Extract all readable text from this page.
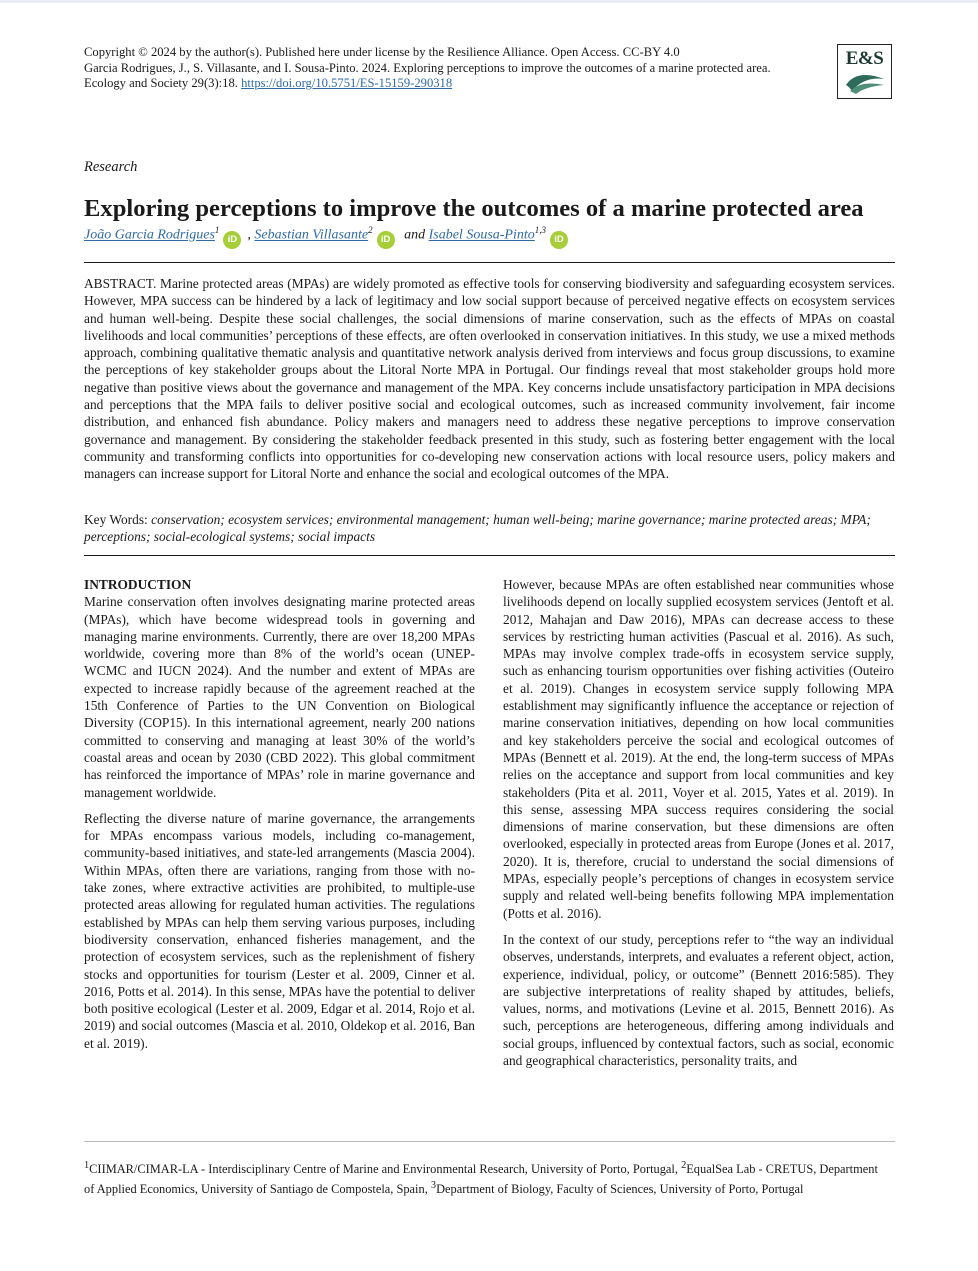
Copyright © 2024 by the author(s). Published here under license by the Resilience Alliance. Open Access. CC-BY 4.0
Garcia Rodrigues, J., S. Villasante, and I. Sousa-Pinto. 2024. Exploring perceptions to improve the outcomes of a marine protected area. Ecology and Society 29(3):18. https://doi.org/10.5751/ES-15159-290318
E&S
Research
Exploring perceptions to improve the outcomes of a marine protected area
João Garcia Rodrigues$^1$iD , Sebastian Villasante$^2$iD and Isabel Sousa-Pinto$^{1,3}$iD

ABSTRACT. Marine protected areas (MPAs) are widely promoted as effective tools for conserving biodiversity and safeguarding ecosystem services. However, MPA success can be hindered by a lack of legitimacy and low social support because of perceived negative effects on ecosystem services and human well-being. Despite these social challenges, the social dimensions of marine conservation, such as the effects of MPAs on coastal livelihoods and local communities’ perceptions of these effects, are often overlooked in conservation initiatives. In this study, we use a mixed methods approach, combining qualitative thematic analysis and quantitative network analysis derived from interviews and focus group discussions, to examine the perceptions of key stakeholder groups about the Litoral Norte MPA in Portugal. Our findings reveal that most stakeholder groups hold more negative than positive views about the governance and management of the MPA. Key concerns include unsatisfactory participation in MPA decisions and perceptions that the MPA fails to deliver positive social and ecological outcomes, such as increased community involvement, fair income distribution, and enhanced fish abundance. Policy makers and managers need to address these negative perceptions to improve conservation governance and management. By considering the stakeholder feedback presented in this study, such as fostering better engagement with the local community and transforming conflicts into opportunities for co-developing new conservation actions with local resource users, policy makers and managers can increase support for Litoral Norte and enhance the social and ecological outcomes of the MPA.

Key Words: conservation; ecosystem services; environmental management; human well-being; marine governance; marine protected areas; MPA; perceptions; social-ecological systems; social impacts

INTRODUCTION

Marine conservation often involves designating marine protected areas (MPAs), which have become widespread tools in governing and managing marine environments. Currently, there are over 18,200 MPAs worldwide, covering more than 8% of the world’s ocean (UNEP-WCMC and IUCN 2024). And the number and extent of MPAs are expected to increase rapidly because of the agreement reached at the 15th Conference of Parties to the UN Convention on Biological Diversity (COP15). In this international agreement, nearly 200 nations committed to conserving and managing at least 30% of the world’s coastal areas and ocean by 2030 (CBD 2022). This global commitment has reinforced the importance of MPAs’ role in marine governance and management worldwide.

Reflecting the diverse nature of marine governance, the arrangements for MPAs encompass various models, including co-management, community-based initiatives, and state-led arrangements (Mascia 2004). Within MPAs, often there are variations, ranging from those with no-take zones, where extractive activities are prohibited, to multiple-use protected areas allowing for regulated human activities. The regulations established by MPAs can help them serving various purposes, including biodiversity conservation, enhanced fisheries management, and the protection of ecosystem services, such as the replenishment of fishery stocks and opportunities for tourism (Lester et al. 2009, Cinner et al. 2016, Potts et al. 2014). In this sense, MPAs have the potential to deliver both positive ecological (Lester et al. 2009, Edgar et al. 2014, Rojo et al. 2019) and social outcomes (Mascia et al. 2010, Oldekop et al. 2016, Ban et al. 2019).

However, because MPAs are often established near communities whose livelihoods depend on locally supplied ecosystem services (Jentoft et al. 2012, Mahajan and Daw 2016), MPAs can decrease access to these services by restricting human activities (Pascual et al. 2016). As such, MPAs may involve complex trade-offs in ecosystem service supply, such as enhancing tourism opportunities over fishing activities (Outeiro et al. 2019). Changes in ecosystem service supply following MPA establishment may significantly influence the acceptance or rejection of marine conservation initiatives, depending on how local communities and key stakeholders perceive the social and ecological outcomes of MPAs (Bennett et al. 2019). At the end, the long-term success of MPAs relies on the acceptance and support from local communities and key stakeholders (Pita et al. 2011, Voyer et al. 2015, Yates et al. 2019). In this sense, assessing MPA success requires considering the social dimensions of marine conservation, but these dimensions are often overlooked, especially in protected areas from Europe (Jones et al. 2017, 2020). It is, therefore, crucial to understand the social dimensions of MPAs, especially people’s perceptions of changes in ecosystem service supply and related well-being benefits following MPA implementation (Potts et al. 2016).

In the context of our study, perceptions refer to “the way an individual observes, understands, interprets, and evaluates a referent object, action, experience, individual, policy, or outcome” (Bennett 2016:585). They are subjective interpretations of reality shaped by attitudes, beliefs, values, norms, and motivations (Levine et al. 2015, Bennett 2016). As such, perceptions are heterogeneous, differing among individuals and social groups, influenced by contextual factors, such as social, economic and geographical characteristics, personality traits, and

$^1$CIIMAR/CIMAR-LA - Interdisciplinary Centre of Marine and Environmental Research, University of Porto, Portugal, $^2$EqualSea Lab - CRETUS, Department of Applied Economics, University of Santiago de Compostela, Spain, $^3$Department of Biology, Faculty of Sciences, University of Porto, Portugal
